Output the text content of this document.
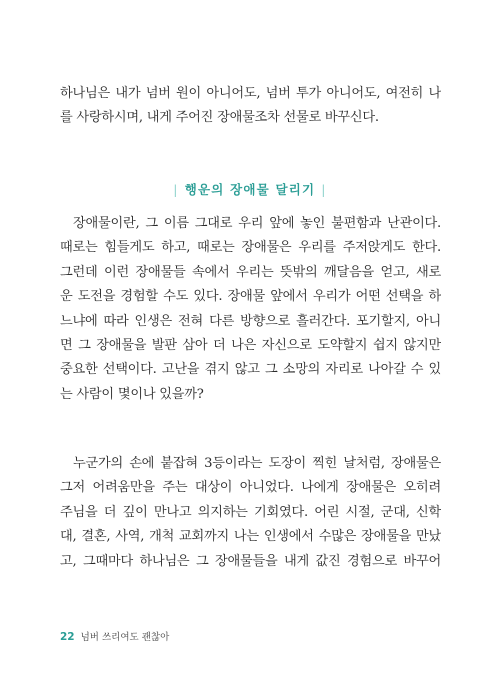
하나님은 내가 넘버 원이 아니어도, 넘버 투가 아니어도, 여전히 나
를 사랑하시며, 내게 주어진 장애물조차 선물로 바꾸신다.
| 행운의 장애물 달리기 |
장애물이란, 그 이름 그대로 우리 앞에 놓인 불편함과 난관이다.
때로는 힘들게도 하고, 때로는 장애물은 우리를 주저앉게도 한다.
그런데 이런 장애물들 속에서 우리는 뜻밖의 깨달음을 얻고, 새로
운 도전을 경험할 수도 있다. 장애물 앞에서 우리가 어떤 선택을 하
느냐에 따라 인생은 전혀 다른 방향으로 흘러간다. 포기할지, 아니
면 그 장애물을 발판 삼아 더 나은 자신으로 도약할지 쉽지 않지만
중요한 선택이다. 고난을 겪지 않고 그 소망의 자리로 나아갈 수 있
는 사람이 몇이나 있을까?
누군가의 손에 붙잡혀 3등이라는 도장이 찍힌 날처럼, 장애물은
그저 어려움만을 주는 대상이 아니었다. 나에게 장애물은 오히려
주님을 더 깊이 만나고 의지하는 기회였다. 어린 시절, 군대, 신학
대, 결혼, 사역, 개척 교회까지 나는 인생에서 수많은 장애물을 만났
고, 그때마다 하나님은 그 장애물들을 내게 값진 경험으로 바꾸어
22 넘버 쓰리여도 괜찮아
